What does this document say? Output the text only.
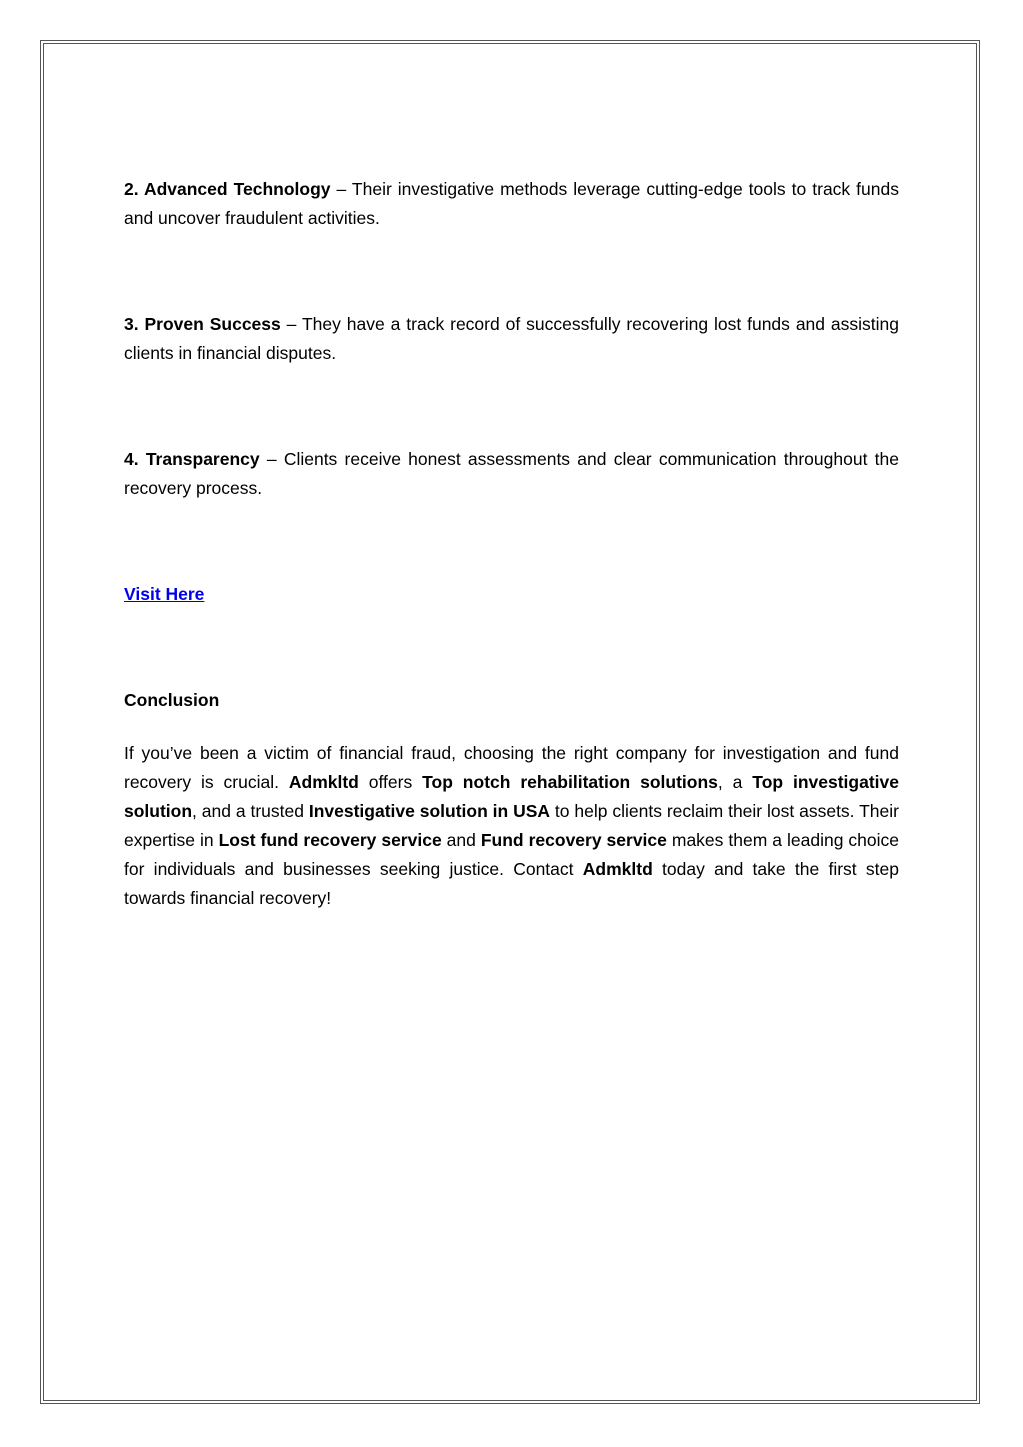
2. Advanced Technology – Their investigative methods leverage cutting-edge tools to track funds and uncover fraudulent activities.

3. Proven Success – They have a track record of successfully recovering lost funds and assisting clients in financial disputes.

4. Transparency – Clients receive honest assessments and clear communication throughout the recovery process.

Visit Here

Conclusion

If you’ve been a victim of financial fraud, choosing the right company for investigation and fund recovery is crucial. Admkltd offers Top notch rehabilitation solutions, a Top investigative solution, and a trusted Investigative solution in USA to help clients reclaim their lost assets. Their expertise in Lost fund recovery service and Fund recovery service makes them a leading choice for individuals and businesses seeking justice. Contact Admkltd today and take the first step towards financial recovery!
